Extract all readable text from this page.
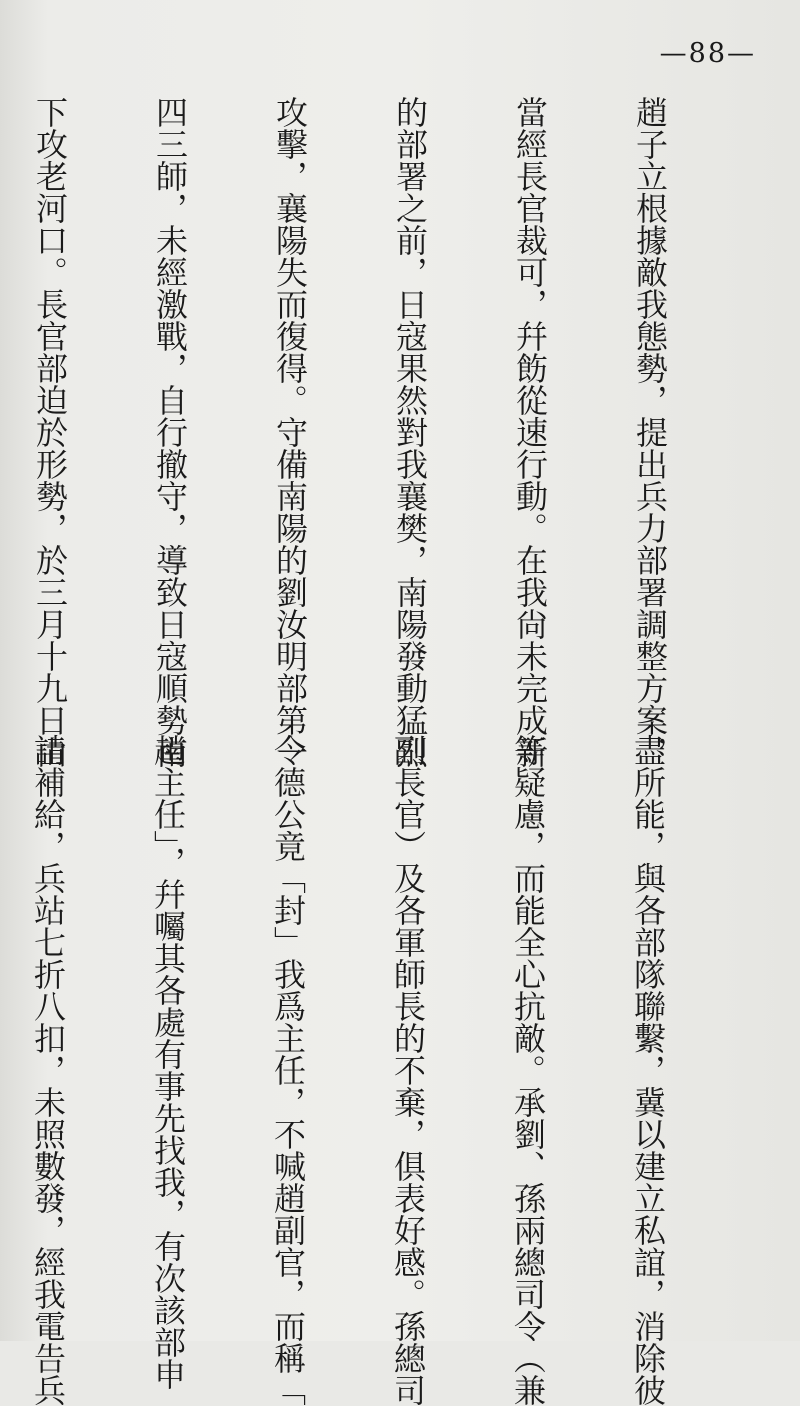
—88—

趙子立根據敵我態勢，提出兵力部署調整方案，

當經長官裁可，幷飭從速行動。在我尙未完成新

的部署之前，日寇果然對我襄樊，南陽發動猛烈

攻擊，襄陽失而復得。守備南陽的劉汝明部第一

四三師，未經激戰，自行撤守，導致日寇順勢南

下攻老河口。長官部迫於形勢，於三月十九日由

盡所能，與各部隊聯繫，冀以建立私誼，消除彼

等疑慮，而能全心抗敵。承劉、孫兩總司令（兼

副長官）及各軍師長的不棄，俱表好感。孫總司

令德公竟「封」我爲主任，不喊趙副官，而稱「

趙主任」，幷囑其各處有事先找我，有次該部申

請補給，兵站七折八扣，未照數發，經我電告兵
